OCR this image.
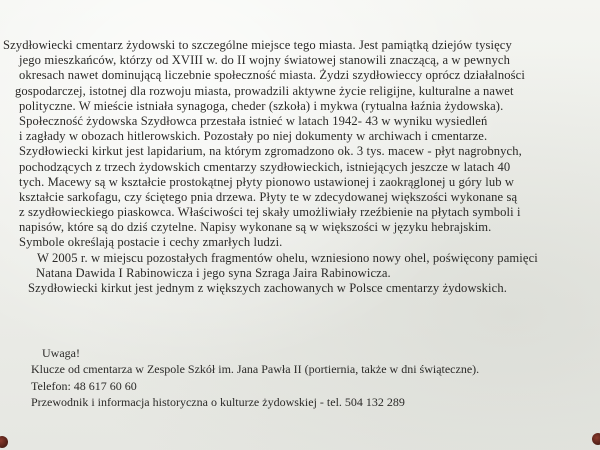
Szydłowiecki cmentarz żydowski to szczególne miejsce tego miasta. Jest pamiątką dziejów tysięcy
jego mieszkańców, którzy od XVIII w. do II wojny światowej stanowili znaczącą, a w pewnych
okresach nawet dominującą liczebnie społeczność miasta. Żydzi szydłowieccy oprócz działalności
gospodarczej, istotnej dla rozwoju miasta, prowadzili aktywne życie religijne, kulturalne a nawet
polityczne. W mieście istniała synagoga, cheder (szkoła) i mykwa (rytualna łaźnia żydowska).
Społeczność żydowska Szydłowca przestała istnieć w latach 1942- 43 w wyniku wysiedleń
i zagłady w obozach hitlerowskich. Pozostały po niej dokumenty w archiwach i cmentarze.
Szydłowiecki kirkut jest lapidarium, na którym zgromadzono ok. 3 tys. macew - płyt nagrobnych,
pochodzących z trzech żydowskich cmentarzy szydłowieckich, istniejących jeszcze w latach 40
tych. Macewy są w kształcie prostokątnej płyty pionowo ustawionej i zaokrąglonej u góry lub w
kształcie sarkofagu, czy ściętego pnia drzewa. Płyty te w zdecydowanej większości wykonane są
z szydłowieckiego piaskowca. Właściwości tej skały umożliwiały rzeźbienie na płytach symboli i
napisów, które są do dziś czytelne. Napisy wykonane są w większości w języku hebrajskim.
Symbole określają postacie i cechy zmarłych ludzi.
W 2005 r. w miejscu pozostałych fragmentów ohelu, wzniesiono nowy ohel, poświęcony pamięci
Natana Dawida I Rabinowicza i jego syna Szraga Jaira Rabinowicza.
Szydłowiecki kirkut jest jednym z większych zachowanych w Polsce cmentarzy żydowskich.
Uwaga!
Klucze od cmentarza w Zespole Szkół im. Jana Pawła II (portiernia, także w dni świąteczne).
Telefon: 48 617 60 60
Przewodnik i informacja historyczna o kulturze żydowskiej - tel. 504 132 289
